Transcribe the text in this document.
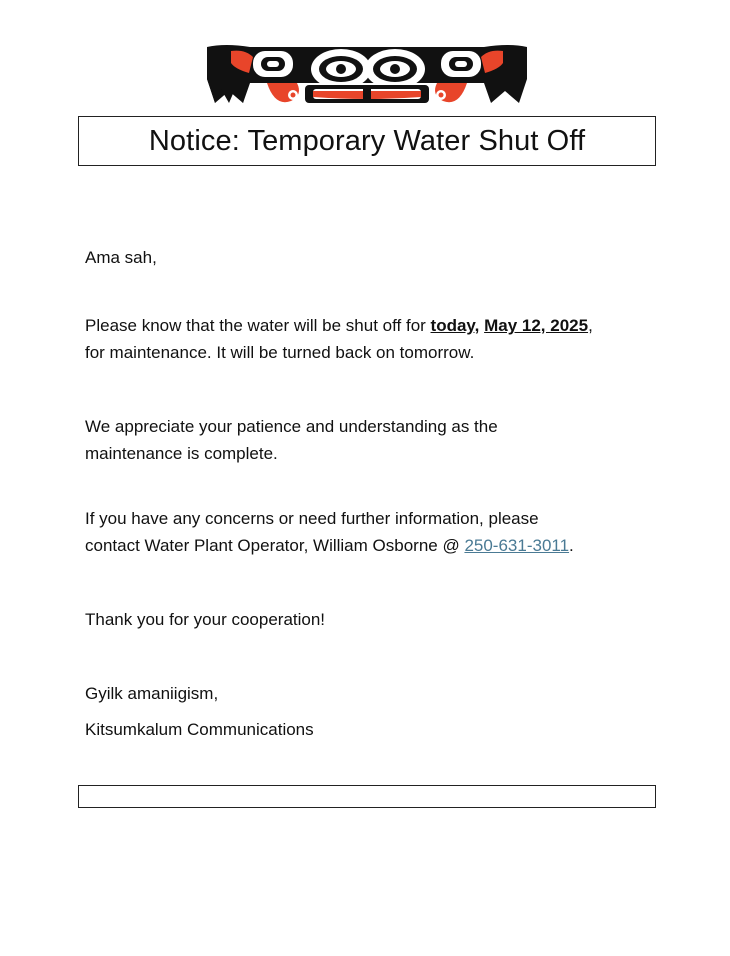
Notice: Temporary Water Shut Off
Ama sah,
Please know that the water will be shut off for today, May 12, 2025,
for maintenance. It will be turned back on tomorrow.
We appreciate your patience and understanding as the
maintenance is complete.
If you have any concerns or need further information, please
contact Water Plant Operator, William Osborne @ 250-631-3011.
Thank you for your cooperation!
Gyilk amaniigism,
Kitsumkalum Communications
